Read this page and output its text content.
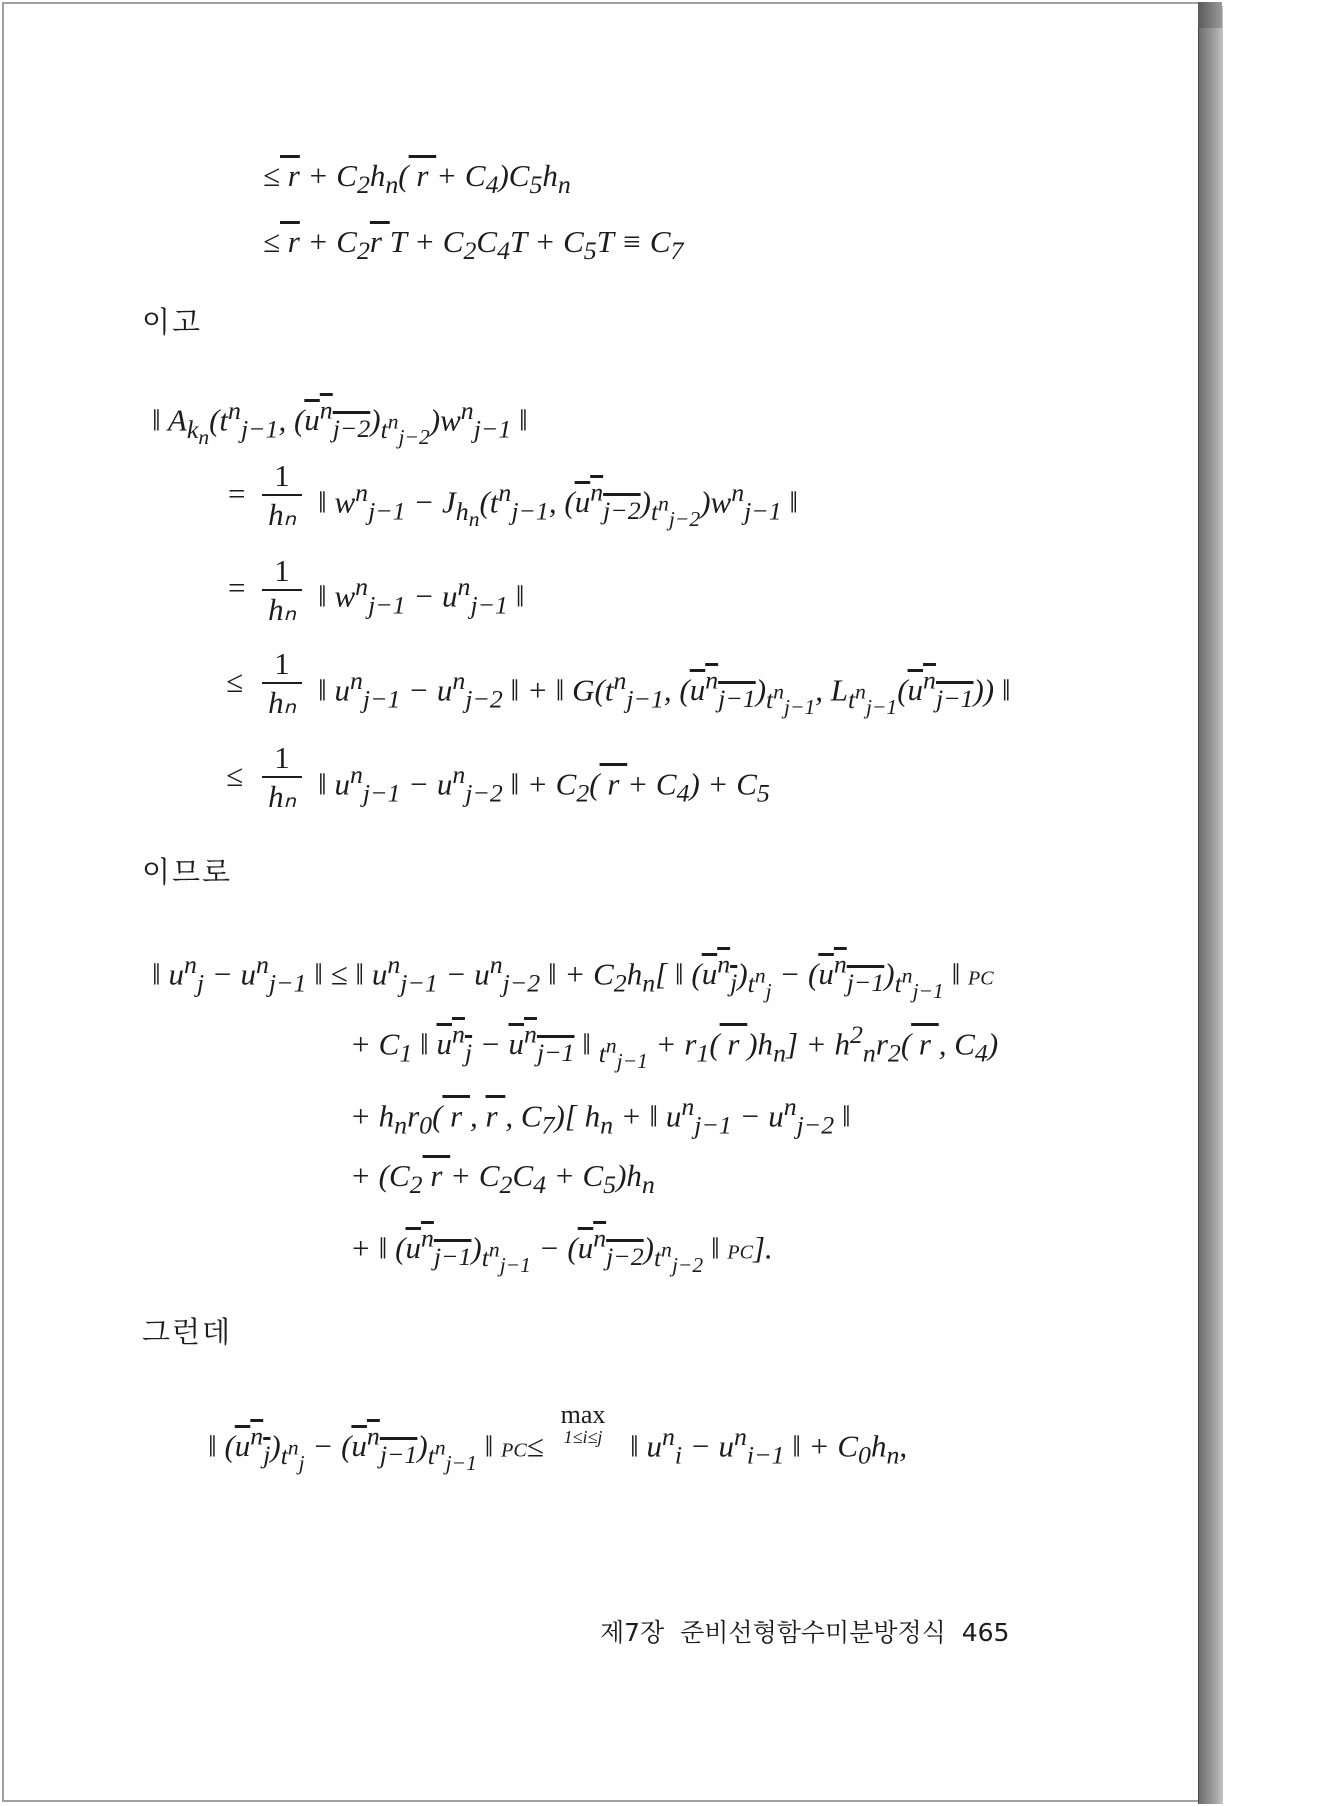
≤ $r + C_2h_n$( $r + C_4)C_5h_n$
≤ $r + C_2r$ $T + C_2C_4T + C_5T \equiv C_7$
이고
‖ $A_{k_n}(t^n_{j-1}$, $(u^n_{j-2})_{t^n_{j-2}})w^n_{j-1}$ ‖
= $\frac{1}{\text{hₙ}}$ ‖ $w^n_{j-1} - J_{h_n}(t^n_{j-1}$, $(u^n_{j-2})_{t^n_{j-2}})w^n_{j-1}$ ‖
= $\frac{1}{\text{hₙ}}$ ‖ $w^n_{j-1} - u^n_{j-1}$ ‖
≤ $\frac{1}{\text{hₙ}}$ ‖ $u^n_{j-1} - u^n_{j-2}$ ‖ + ‖ $G(t^n_{j-1}$, $(u^n_{j-1})_{t^n_{j-1}}$, $L_{t^n_{j-1}}(u^n_{j-1})$) ‖
≤ $\frac{1}{\text{hₙ}}$ ‖ $u^n_{j-1} - u^n_{j-2}$ ‖ + $C_2$( $r + C_4) + C_5$
이므로
‖ $u^n_j - u^n_{j-1}$ ‖ ≤ ‖ $u^n_{j-1} - u^n_{j-2}$ ‖ + $C_2h_n$[ ‖ $(u^n_j)_{t^n_j} - (u^n_{j-1})_{t^n_{j-1}}$ ‖ PC
+ $C_1$ ‖ $u^n_j - u^n_{j-1}$ ‖ $_{t^n_{j-1}} + r_1$( r )$h_n] + h^2_nr_2$( r , $C_4$)
+ $h_nr_0$( r , r , $C_7$)[ $h_n$ + ‖ $u^n_{j-1} - u^n_{j-2}$ ‖
+ ($C_2$ $r + C_2C_4 + C_5)h_n$
+ ‖ $(u^n_{j-1})_{t^n_{j-1}} - (u^n_{j-2})_{t^n_{j-2}}$ ‖ PC].
그런데
‖ $(u^n_j)_{t^n_j} - (u^n_{j-1})_{t^n_{j-1}}$ ‖ PC≤
max
1≤i≤j ‖ $u^n_i - u^n_{i-1}$ ‖ + $C_0h_n$,
제7장 준비선형함수미분방정식 465
